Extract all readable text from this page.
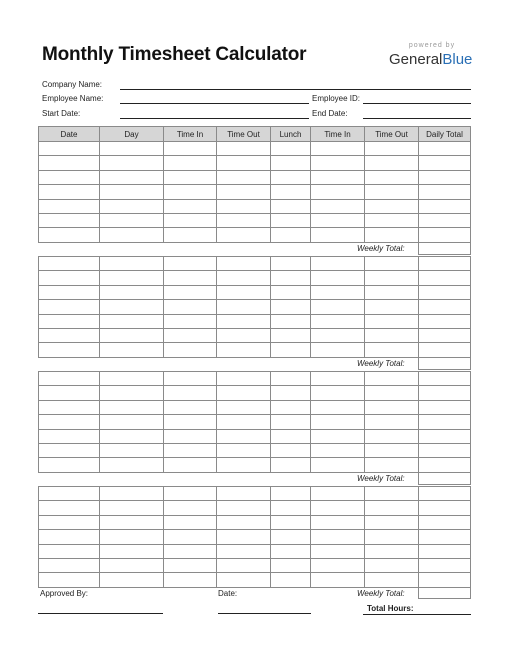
Monthly Timesheet Calculator	powered by
GeneralBlue
Company Name:
Employee Name:	Employee ID:
Start Date:	End Date:
Date	Day	Time In	Time Out	Lunch	Time In	Time Out	Daily Total

Weekly Total:

Weekly Total:

Weekly Total:

Approved By:	Date:	Weekly Total:
Total Hours:
